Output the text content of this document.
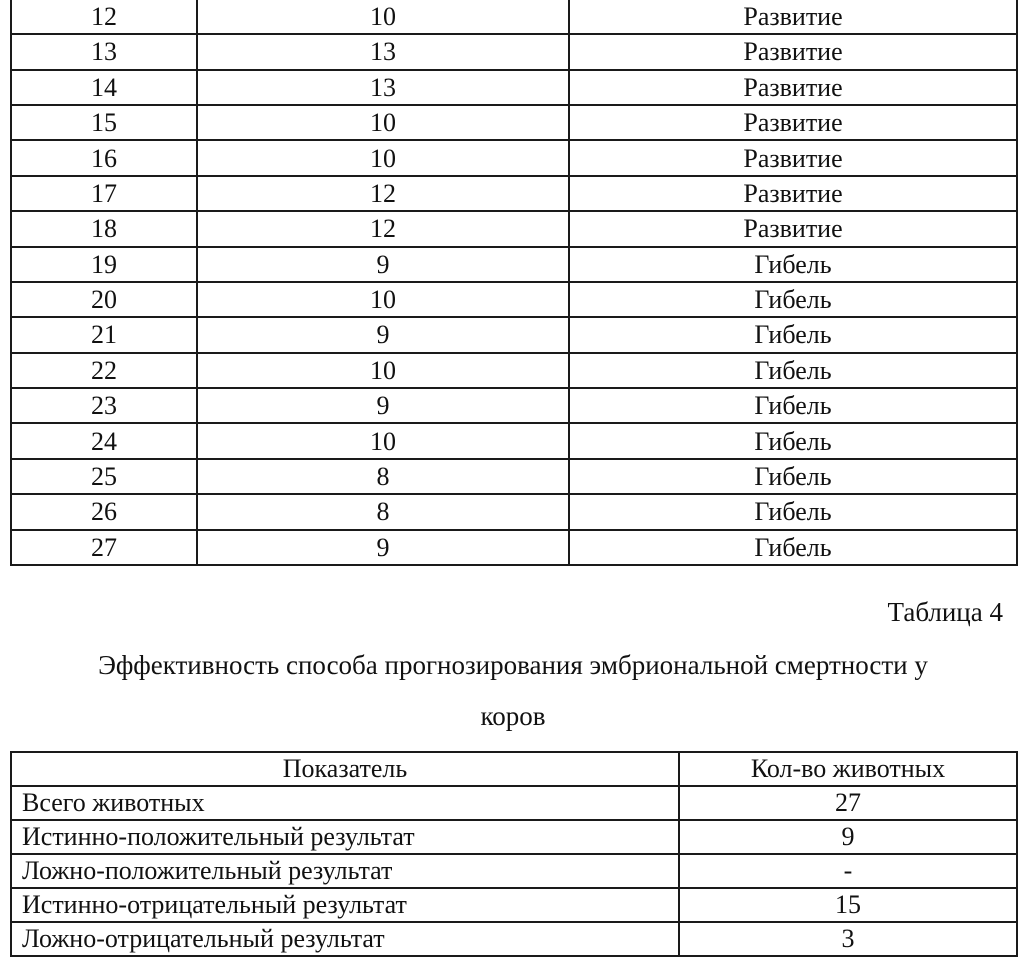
12	10	Развитие
13	13	Развитие
14	13	Развитие
15	10	Развитие
16	10	Развитие
17	12	Развитие
18	12	Развитие
19	9	Гибель
20	10	Гибель
21	9	Гибель
22	10	Гибель
23	9	Гибель
24	10	Гибель
25	8	Гибель
26	8	Гибель
27	9	Гибель
Таблица 4
Эффективность способа прогнозирования эмбриональной смертности у
коров
Показатель	Кол-во животных
Всего животных	27
Истинно-положительный результат	9
Ложно-положительный результат	-
Истинно-отрицательный результат	15
Ложно-отрицательный результат	3
